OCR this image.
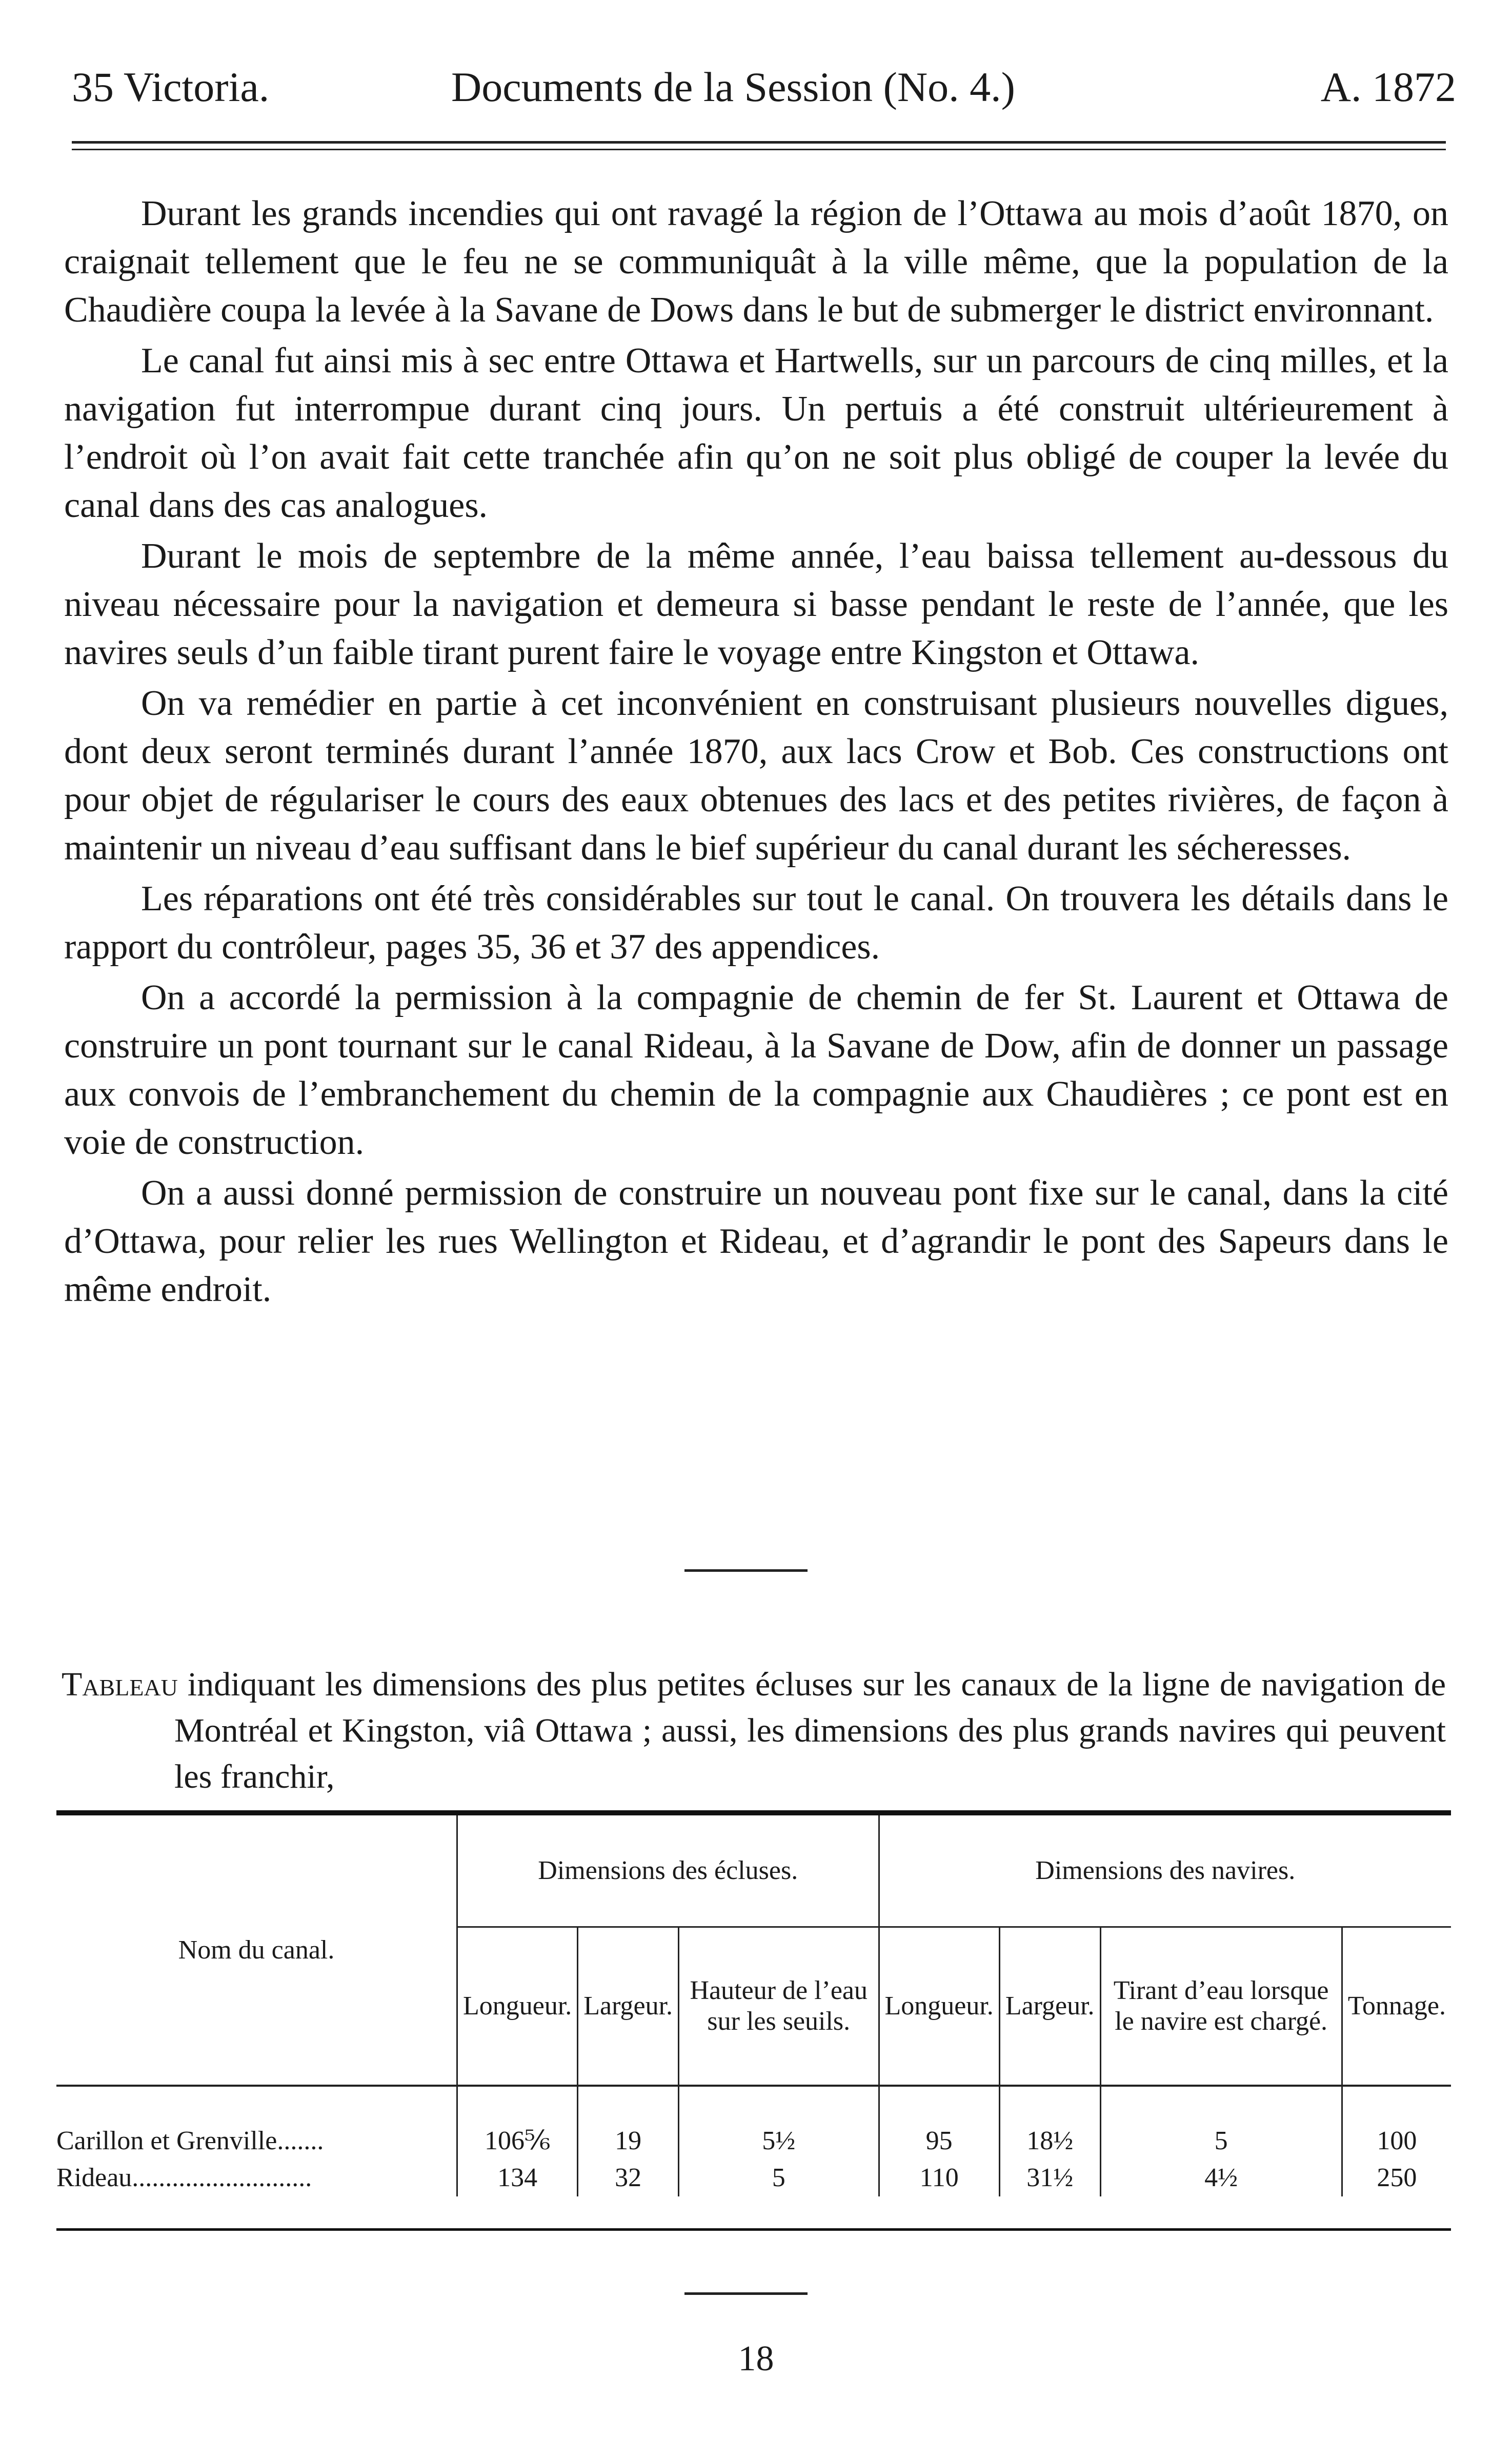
35 Victoria.	Documents de la Session (No. 4.)	A. 1872

Durant les grands incendies qui ont ravagé la région de l’Ottawa au mois d’août 1870, on craignait tellement que le feu ne se communiquât à la ville même, que la population de la Chaudière coupa la levée à la Savane de Dows dans le but de submerger le district environnant.

Le canal fut ainsi mis à sec entre Ottawa et Hartwells, sur un parcours de cinq milles, et la navigation fut interrompue durant cinq jours. Un pertuis a été construit ultérieurement à l’endroit où l’on avait fait cette tranchée afin qu’on ne soit plus obligé de couper la levée du canal dans des cas analogues.

Durant le mois de septembre de la même année, l’eau baissa tellement au-dessous du niveau nécessaire pour la navigation et demeura si basse pendant le reste de l’année, que les navires seuls d’un faible tirant purent faire le voyage entre Kingston et Ottawa.

On va remédier en partie à cet inconvénient en construisant plusieurs nouvelles digues, dont deux seront terminés durant l’année 1870, aux lacs Crow et Bob. Ces constructions ont pour objet de régulariser le cours des eaux obtenues des lacs et des petites rivières, de façon à maintenir un niveau d’eau suffisant dans le bief supérieur du canal durant les sécheresses.

Les réparations ont été très considérables sur tout le canal. On trouvera les détails dans le rapport du contrôleur, pages 35, 36 et 37 des appendices.

On a accordé la permission à la compagnie de chemin de fer St. Laurent et Ottawa de construire un pont tournant sur le canal Rideau, à la Savane de Dow, afin de donner un passage aux convois de l’embranchement du chemin de la compagnie aux Chaudières ; ce pont est en voie de construction.

On a aussi donné permission de construire un nouveau pont fixe sur le canal, dans la cité d’Ottawa, pour relier les rues Wellington et Rideau, et d’agrandir le pont des Sapeurs dans le même endroit.

Tableau indiquant les dimensions des plus petites écluses sur les canaux de la ligne de navigation de Montréal et Kingston, viâ Ottawa ; aussi, les dimensions des plus grands navires qui peuvent les franchir,
Nom du canal.	Dimensions des écluses.			Dimensions des navires.			
	Longueur.	Largeur.	Hauteur de l’eau sur les seuils.	Longueur.	Largeur.	Tirant d’eau lorsque le navire est chargé.	Tonnage.

Carillon et Grenville.......	106⅚	19	5½	95	18½	5	100
Rideau...........................	134	32	5	110	31½	4½	250
18
